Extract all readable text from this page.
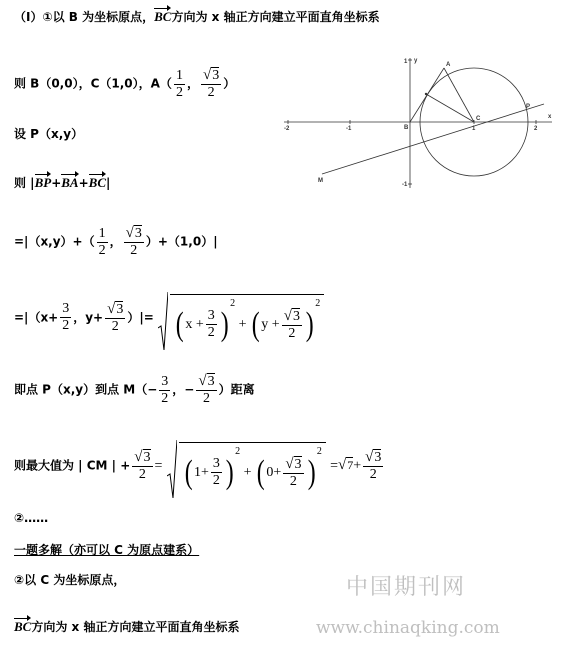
（Ⅰ）①以 B 为坐标原点，BC方向为 x 轴正方向建立平面直角坐标系
则 B（0,0），C（1,0），$A( \frac{1}{2}$ ， $\frac{√3}{2}$ ）
设 P（x,y）
则 |BP+BA+BC|
$=|(x,y)+( \frac{1}{2}$ ， $\frac{√3}{2} )+(1,0)|$
$=|(x+ \frac{3}{2}$ ，$y+ \frac{√3}{2}$ ）|= ( $x + \frac{3}{2} )^2$ + ( $y + \frac{√3}{2} )^2$
即点 P（x,y）到点 $M(- \frac{3}{2}$ ，− $\frac{√3}{2}$ ）距离
则最大值为 | CM | + $\frac{√3}{2}$ = ( $1+ \frac{3}{2} )^2$ + ( $0+ \frac{√3}{2} )^2 =√7+ \frac{√3}{2}$
②……
一题多解（亦可以 C 为原点建系）
②以 C 为坐标原点，
BC方向为 x 轴正方向建立平面直角坐标系
x
y
-2	-1	1	2
1
-1
A
B
C
M
P
中国期刊网
www.chinaqking.com
